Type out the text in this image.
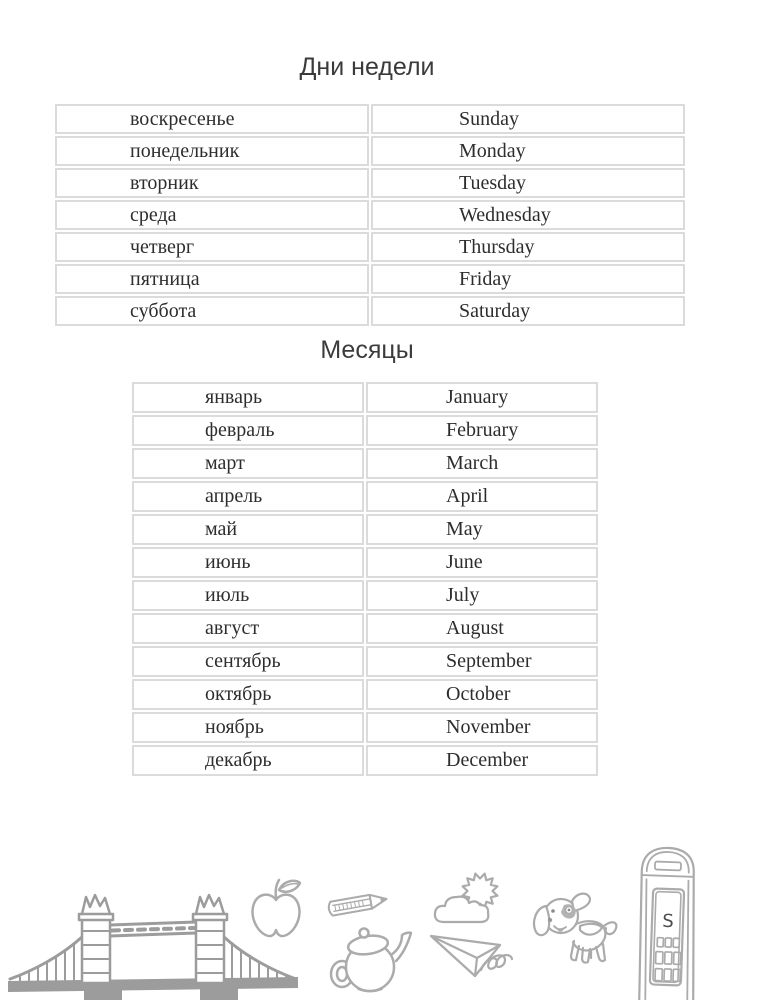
Дни недели
воскресенье	Sunday
понедельник	Monday
вторник	Tuesday
среда	Wednesday
четверг	Thursday
пятница	Friday
суббота	Saturday
Месяцы
январь	January
февраль	February
март	March
апрель	April
май	May
июнь	June
июль	July
август	August
сентябрь	September
октябрь	October
ноябрь	November
декабрь	December
S
